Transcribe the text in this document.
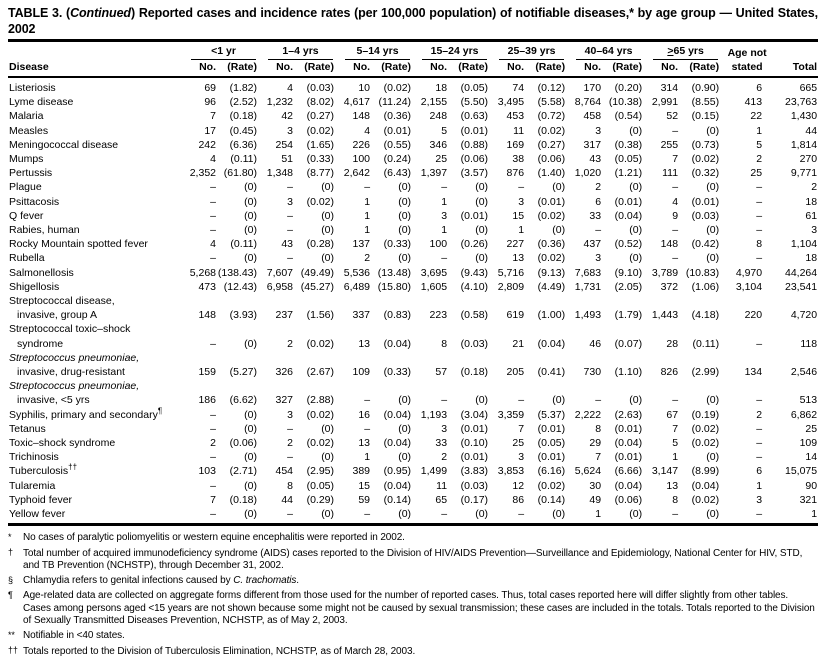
TABLE 3. (Continued) Reported cases and incidence rates (per 100,000 population) of notifiable diseases,* by age group — United States, 2002

	<1 yr		1–4 yrs		5–14 yrs		15–24 yrs		25–39 yrs		40–64 yrs		≥65 yrs		Age not	
Disease	No.	(Rate)	No.	(Rate)	No.	(Rate)	No.	(Rate)	No.	(Rate)	No.	(Rate)	No.	(Rate)	stated	Total
Listeriosis	69	(1.82)	4	(0.03)	10	(0.02)	18	(0.05)	74	(0.12)	170	(0.20)	314	(0.90)	6	665
Lyme disease	96	(2.52)	1,232	(8.02)	4,617	(11.24)	2,155	(5.50)	3,495	(5.58)	8,764	(10.38)	2,991	(8.55)	413	23,763
Malaria	7	(0.18)	42	(0.27)	148	(0.36)	248	(0.63)	453	(0.72)	458	(0.54)	52	(0.15)	22	1,430
Measles	17	(0.45)	3	(0.02)	4	(0.01)	5	(0.01)	11	(0.02)	3	(0)	–	(0)	1	44
Meningococcal disease	242	(6.36)	254	(1.65)	226	(0.55)	346	(0.88)	169	(0.27)	317	(0.38)	255	(0.73)	5	1,814
Mumps	4	(0.11)	51	(0.33)	100	(0.24)	25	(0.06)	38	(0.06)	43	(0.05)	7	(0.02)	2	270
Pertussis	2,352	(61.80)	1,348	(8.77)	2,642	(6.43)	1,397	(3.57)	876	(1.40)	1,020	(1.21)	111	(0.32)	25	9,771
Plague	–	(0)	–	(0)	–	(0)	–	(0)	–	(0)	2	(0)	–	(0)	–	2
Psittacosis	–	(0)	3	(0.02)	1	(0)	1	(0)	3	(0.01)	6	(0.01)	4	(0.01)	–	18
Q fever	–	(0)	–	(0)	1	(0)	3	(0.01)	15	(0.02)	33	(0.04)	9	(0.03)	–	61
Rabies, human	–	(0)	–	(0)	1	(0)	1	(0)	1	(0)	–	(0)	–	(0)	–	3
Rocky Mountain spotted fever	4	(0.11)	43	(0.28)	137	(0.33)	100	(0.26)	227	(0.36)	437	(0.52)	148	(0.42)	8	1,104
Rubella	–	(0)	–	(0)	2	(0)	–	(0)	13	(0.02)	3	(0)	–	(0)	–	18
Salmonellosis	5,268	(138.43)	7,607	(49.49)	5,536	(13.48)	3,695	(9.43)	5,716	(9.13)	7,683	(9.10)	3,789	(10.83)	4,970	44,264
Shigellosis	473	(12.43)	6,958	(45.27)	6,489	(15.80)	1,605	(4.10)	2,809	(4.49)	1,731	(2.05)	372	(1.06)	3,104	23,541
Streptococcal disease,
invasive, group A	148	(3.93)	237	(1.56)	337	(0.83)	223	(0.58)	619	(1.00)	1,493	(1.79)	1,443	(4.18)	220	4,720
Streptococcal toxic–shock
syndrome	–	(0)	2	(0.02)	13	(0.04)	8	(0.03)	21	(0.04)	46	(0.07)	28	(0.11)	–	118
Streptococcus pneumoniae,
invasive, drug-resistant	159	(5.27)	326	(2.67)	109	(0.33)	57	(0.18)	205	(0.41)	730	(1.10)	826	(2.99)	134	2,546
Streptococcus pneumoniae,
invasive, <5 yrs	186	(6.62)	327	(2.88)	–	(0)	–	(0)	–	(0)	–	(0)	–	(0)	–	513
Syphilis, primary and secondary¶	–	(0)	3	(0.02)	16	(0.04)	1,193	(3.04)	3,359	(5.37)	2,222	(2.63)	67	(0.19)	2	6,862
Tetanus	–	(0)	–	(0)	–	(0)	3	(0.01)	7	(0.01)	8	(0.01)	7	(0.02)	–	25
Toxic–shock syndrome	2	(0.06)	2	(0.02)	13	(0.04)	33	(0.10)	25	(0.05)	29	(0.04)	5	(0.02)	–	109
Trichinosis	–	(0)	–	(0)	1	(0)	2	(0.01)	3	(0.01)	7	(0.01)	1	(0)	–	14
Tuberculosis††	103	(2.71)	454	(2.95)	389	(0.95)	1,499	(3.83)	3,853	(6.16)	5,624	(6.66)	3,147	(8.99)	6	15,075
Tularemia	–	(0)	8	(0.05)	15	(0.04)	11	(0.03)	12	(0.02)	30	(0.04)	13	(0.04)	1	90
Typhoid fever	7	(0.18)	44	(0.29)	59	(0.14)	65	(0.17)	86	(0.14)	49	(0.06)	8	(0.02)	3	321
Yellow fever	–	(0)	–	(0)	–	(0)	–	(0)	–	(0)	1	(0)	–	(0)	–	1
*	No cases of paralytic poliomyelitis or western equine encephalitis were reported in 2002.
†	Total number of acquired immunodeficiency syndrome (AIDS) cases reported to the Division of HIV/AIDS Prevention—Surveillance and Epidemiology, National Center for HIV, STD, and TB Prevention (NCHSTP), through December 31, 2002.
§	Chlamydia refers to genital infections caused by C. trachomatis.
¶	Age-related data are collected on aggregate forms different from those used for the number of reported cases. Thus, total cases reported here will differ slightly from other tables. Cases among persons aged <15 years are not shown because some might not be caused by sexual transmission; these cases are included in the totals. Totals reported to the Division of Sexually Transmitted Diseases Prevention, NCHSTP, as of May 2, 2003.
** Notifiable in <40 states.
†† Totals reported to the Division of Tuberculosis Elimination, NCHSTP, as of March 28, 2003.
